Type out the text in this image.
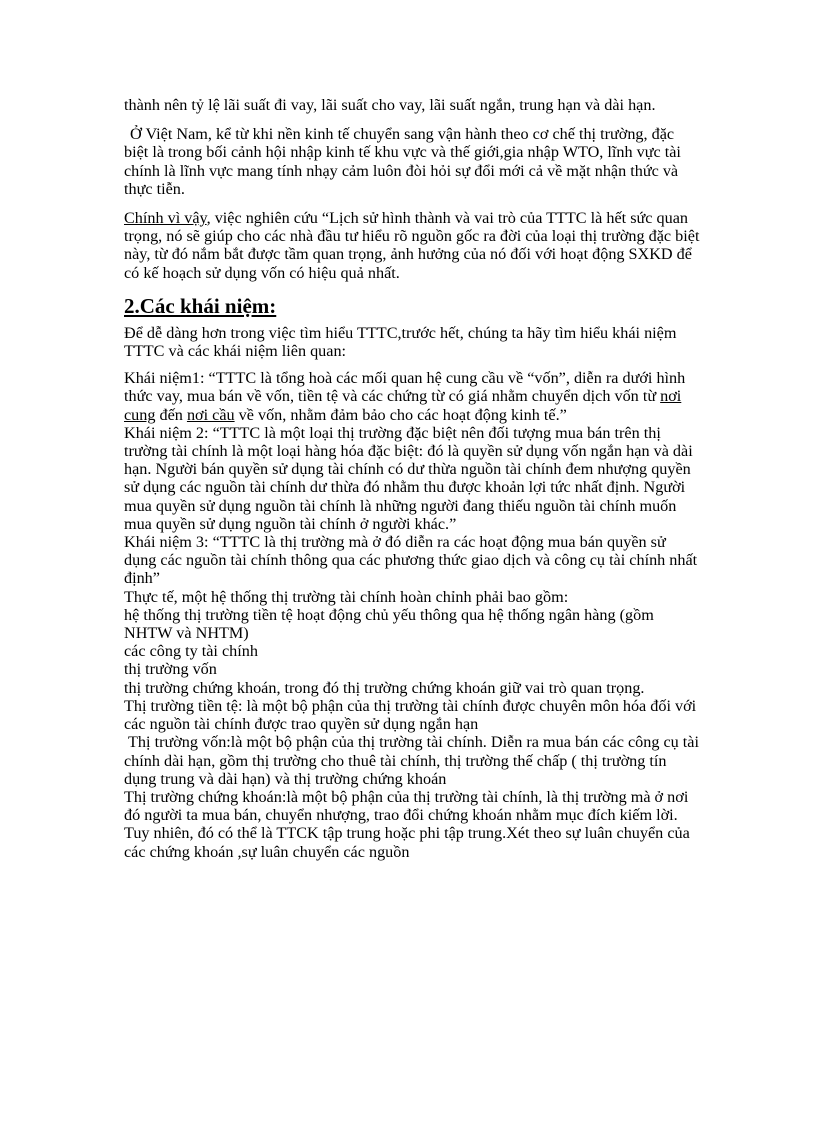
thành nên tỷ lệ lãi suất đi vay, lãi suất cho vay, lãi suất ngắn, trung hạn và dài hạn.

Ở Việt Nam, kể từ khi nền kinh tế chuyển sang vận hành theo cơ chế thị trường, đặc biệt là trong bối cảnh hội nhập kinh tế khu vực và thế giới,gia nhập WTO, lĩnh vực tài chính là lĩnh vực mang tính nhạy cảm luôn đòi hỏi sự đổi mới cả về mặt nhận thức và thực tiễn.

Chính vì vậy, việc nghiên cứu “Lịch sử hình thành và vai trò của TTTC là hết sức quan trọng, nó sẽ giúp cho các nhà đầu tư hiểu rõ nguồn gốc ra đời của loại thị trường đặc biệt này, từ đó nắm bắt được tầm quan trọng, ảnh hưởng của nó đối với hoạt động SXKD để có kế hoạch sử dụng vốn có hiệu quả nhất.

2.Các khái niệm:

Để dễ dàng hơn trong việc tìm hiểu TTTC,trước hết, chúng ta hãy tìm hiểu khái niệm TTTC và các khái niệm liên quan:

Khái niệm1: “TTTC là tổng hoà các mối quan hệ cung cầu về “vốn”, diễn ra dưới hình thức vay, mua bán về vốn, tiền tệ và các chứng từ có giá nhằm chuyển dịch vốn từ nơi cung đến nơi cầu về vốn, nhằm đảm bảo cho các hoạt động kinh tế.”

Khái niệm 2: “TTTC là một loại thị trường đặc biệt nên đối tượng mua bán trên thị trường tài chính là một loại hàng hóa đặc biệt: đó là quyền sử dụng vốn ngắn hạn và dài hạn. Người bán quyền sử dụng tài chính có dư thừa nguồn tài chính đem nhượng quyền sử dụng các nguồn tài chính dư thừa đó nhằm thu được khoản lợi tức nhất định. Người mua quyền sử dụng nguồn tài chính là những người đang thiếu nguồn tài chính muốn mua quyền sử dụng nguồn tài chính ở người khác.”

Khái niệm 3: “TTTC là thị trường mà ở đó diễn ra các hoạt động mua bán quyền sử dụng các nguồn tài chính thông qua các phương thức giao dịch và công cụ tài chính nhất định”

Thực tế, một hệ thống thị trường tài chính hoàn chỉnh phải bao gồm:

hệ thống thị trường tiền tệ hoạt động chủ yếu thông qua hệ thống ngân hàng (gồm NHTW và NHTM)

các công ty tài chính

thị trường vốn

thị trường chứng khoán, trong đó thị trường chứng khoán giữ vai trò quan trọng.

Thị trường tiền tệ: là một bộ phận của thị trường tài chính được chuyên môn hóa đối với các nguồn tài chính được trao quyền sử dụng ngắn hạn

Thị trường vốn:là một bộ phận của thị trường tài chính. Diễn ra mua bán các công cụ tài chính dài hạn, gồm thị trường cho thuê tài chính, thị trường thế chấp ( thị trường tín dụng trung và dài hạn) và thị trường chứng khoán

Thị trường chứng khoán:là một bộ phận của thị trường tài chính, là thị trường mà ở nơi đó người ta mua bán, chuyển nhượng, trao đổi chứng khoán nhằm mục đích kiếm lời. Tuy nhiên, đó có thể là TTCK tập trung hoặc phi tập trung.Xét theo sự luân chuyển của các chứng khoán ,sự luân chuyển các nguồn
